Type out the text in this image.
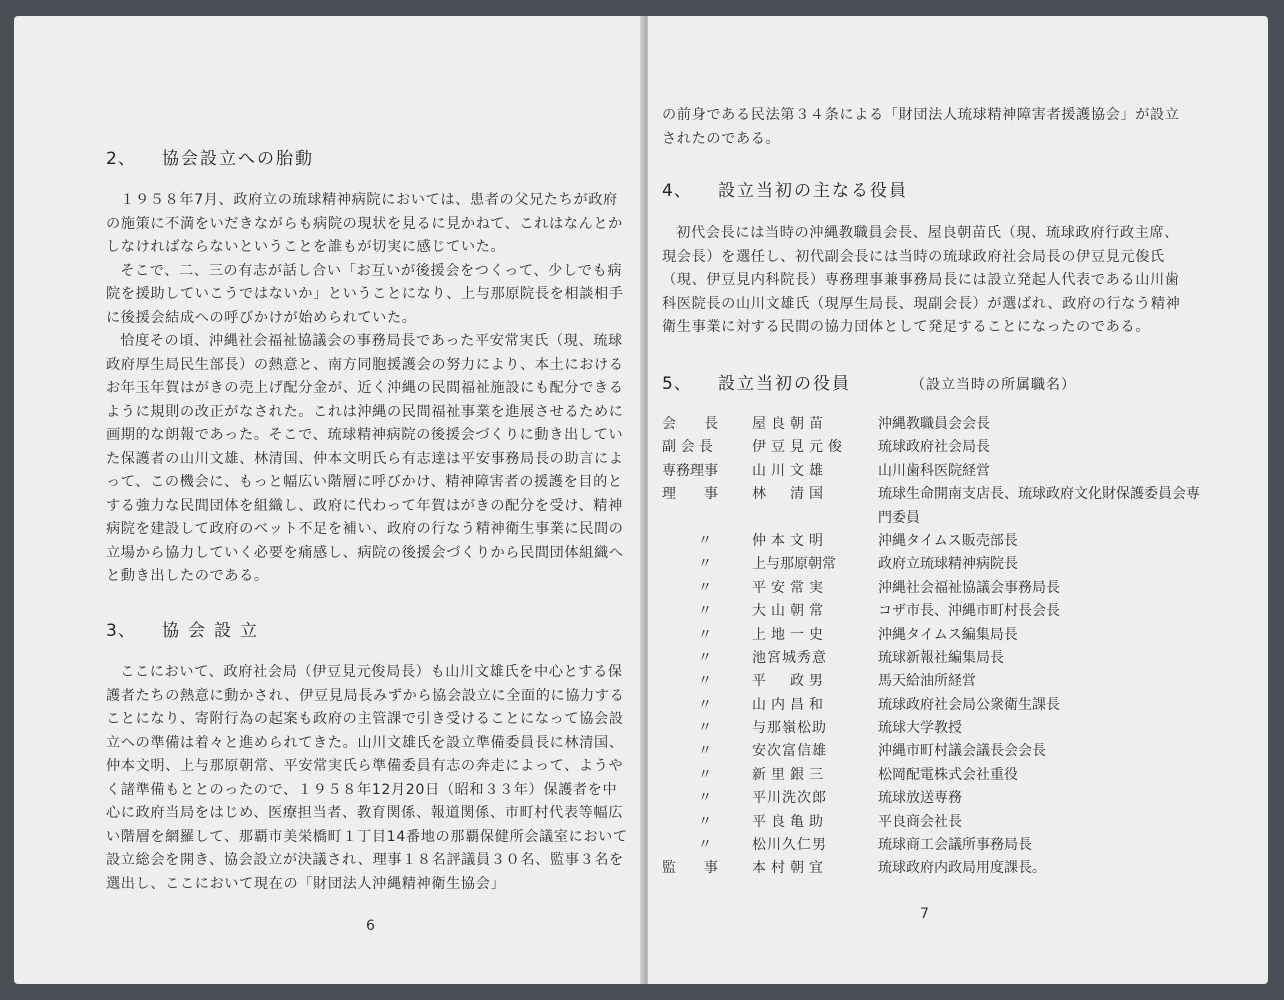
2、 協会設立への胎動

１９５８年7月、政府立の琉球精神病院においては、患者の父兄たちが政府の施策に不満をいだきながらも病院の現状を見るに見かねて、これはなんとかしなければならないということを誰もが切実に感じていた。

そこで、二、三の有志が話し合い「お互いが後援会をつくって、少しでも病院を援助していこうではないか」ということになり、上与那原院長を相談相手に後援会結成への呼びかけが始められていた。

恰度その頃、沖縄社会福祉協議会の事務局長であった平安常実氏（現、琉球政府厚生局民生部長）の熱意と、南方同胞援護会の努力により、本土におけるお年玉年賀はがきの売上げ配分金が、近く沖縄の民間福祉施設にも配分できるように規則の改正がなされた。これは沖縄の民間福祉事業を進展させるために画期的な朗報であった。そこで、琉球精神病院の後援会づくりに動き出していた保護者の山川文雄、林清国、仲本文明氏ら有志達は平安事務局長の助言によって、この機会に、もっと幅広い階層に呼びかけ、精神障害者の援護を目的とする強力な民間団体を組織し、政府に代わって年賀はがきの配分を受け、精神病院を建設して政府のベット不足を補い、政府の行なう精神衛生事業に民間の立場から協力していく必要を痛感し、病院の後援会づくりから民間団体組織へと動き出したのである。

3、 協会設立

ここにおいて、政府社会局（伊豆見元俊局長）も山川文雄氏を中心とする保護者たちの熱意に動かされ、伊豆見局長みずから協会設立に全面的に協力することになり、寄附行為の起案も政府の主管課で引き受けることになって協会設立への準備は着々と進められてきた。山川文雄氏を設立準備委員長に林清国、仲本文明、上与那原朝常、平安常実氏ら準備委員有志の奔走によって、ようやく諸準備もととのったので、１９５８年12月20日（昭和３３年）保護者を中心に政府当局をはじめ、医療担当者、教育関係、報道関係、市町村代表等幅広い階層を網羅して、那覇市美栄橋町１丁目14番地の那覇保健所会議室において設立総会を開き、協会設立が決議され、理事１８名評議員３０名、監事３名を選出し、ここにおいて現在の「財団法人沖縄精神衛生協会」

6

の前身である民法第３４条による「財団法人琉球精神障害者援護協会」が設立されたのである。

4、 設立当初の主なる役員

初代会長には当時の沖縄教職員会長、屋良朝苗氏（現、琉球政府行政主席、現会長）を選任し、初代副会長には当時の琉球政府社会局長の伊豆見元俊氏（現、伊豆見内科院長）専務理事兼事務局長には設立発起人代表である山川歯科医院長の山川文雄氏（現厚生局長、現副会長）が選ばれ、政府の行なう精神衛生事業に対する民間の協力団体として発足することになったのである。

5、 設立当初の役員	（設立当時の所属職名）
会　　長	屋良朝苗	沖縄教職員会会長
副 会 長	伊豆見元俊 琉球政府社会局長
専務理事	山川文雄	山川歯科医院経営
理　　事	林　清国	琉球生命開南支店長、琉球政府文化財保護委員会専門委員
〃	仲本文明	沖縄タイムス販売部長
〃	上与那原朝常	政府立琉球精神病院長
〃	平安常実	沖縄社会福祉協議会事務局長
〃	大山朝常	コザ市長、沖縄市町村長会長
〃	上地一史	沖縄タイムス編集局長
〃	池宮城秀意	琉球新報社編集局長
〃	平　政男	馬天給油所経営
〃	山内昌和	琉球政府社会局公衆衛生課長
〃	与那嶺松助	琉球大学教授
〃	安次富信雄	沖縄市町村議会議長会会長
〃	新里銀三	松岡配電株式会社重役
〃	平川洗次郎	琉球放送専務
〃	平良亀助	平良商会社長
〃	松川久仁男	琉球商工会議所事務局長
監　　事	本村朝宜	琉球政府内政局用度課長。
7
